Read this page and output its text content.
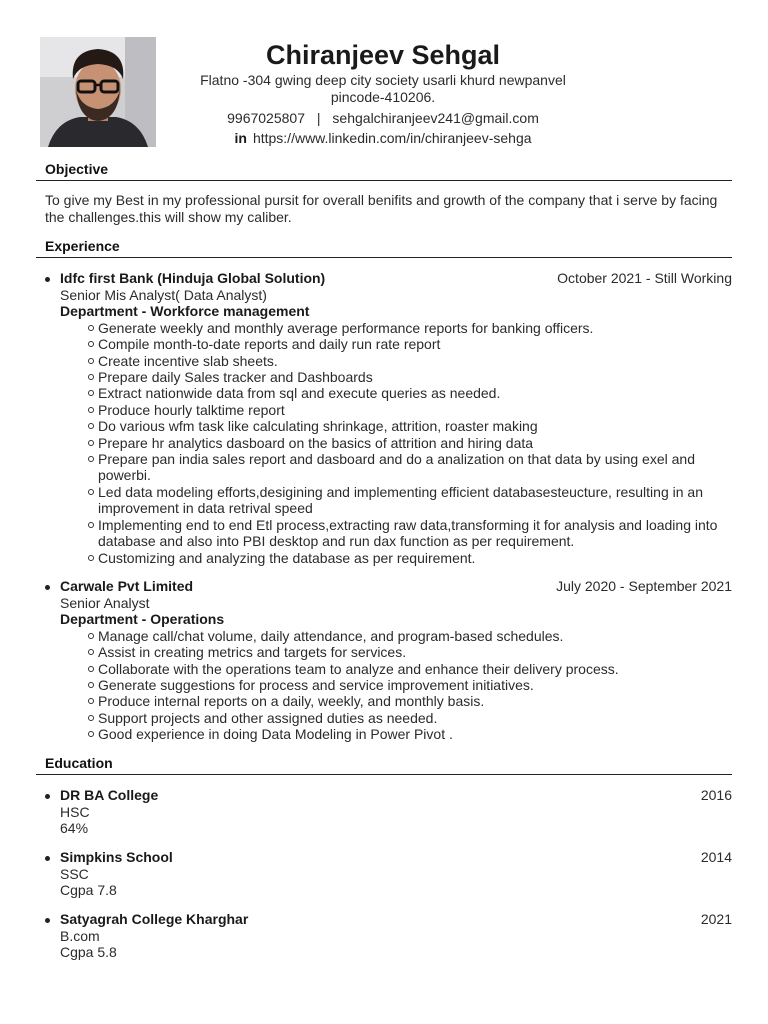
Chiranjeev Sehgal
Flatno -304 gwing deep city society usarli khurd newpanvel
pincode-410206.
9967025807 | sehgalchiranjeev241@gmail.com
in https://www.linkedin.com/in/chiranjeev-sehga
Objective
To give my Best in my professional pursit for overall benifits and growth of the company that i serve by facing the challenges.this will show my caliber.
Experience
Idfc first Bank (Hinduja Global Solution)	October 2021 - Still Working
Senior Mis Analyst( Data Analyst)
Department - Workforce management
Generate weekly and monthly average performance reports for banking officers.
Compile month-to-date reports and daily run rate report
Create incentive slab sheets.
Prepare daily Sales tracker and Dashboards
Extract nationwide data from sql and execute queries as needed.
Produce hourly talktime report
Do various wfm task like calculating shrinkage, attrition, roaster making
Prepare hr analytics dasboard on the basics of attrition and hiring data
Prepare pan india sales report and dasboard and do a analization on that data by using exel and powerbi.
Led data modeling efforts,desigining and implementing efficient databasesteucture, resulting in an improvement in data retrival speed
Implementing end to end Etl process,extracting raw data,transforming it for analysis and loading into database and also into PBI desktop and run dax function as per requirement.
Customizing and analyzing the database as per requirement.
Carwale Pvt Limited	July 2020 - September 2021
Senior Analyst
Department - Operations
Manage call/chat volume, daily attendance, and program-based schedules.
Assist in creating metrics and targets for services.
Collaborate with the operations team to analyze and enhance their delivery process.
Generate suggestions for process and service improvement initiatives.
Produce internal reports on a daily, weekly, and monthly basis.
Support projects and other assigned duties as needed.
Good experience in doing Data Modeling in Power Pivot .
Education
DR BA College	2016
HSC
64%
Simpkins School	2014
SSC
Cgpa 7.8
Satyagrah College Kharghar	2021
B.com
Cgpa 5.8
